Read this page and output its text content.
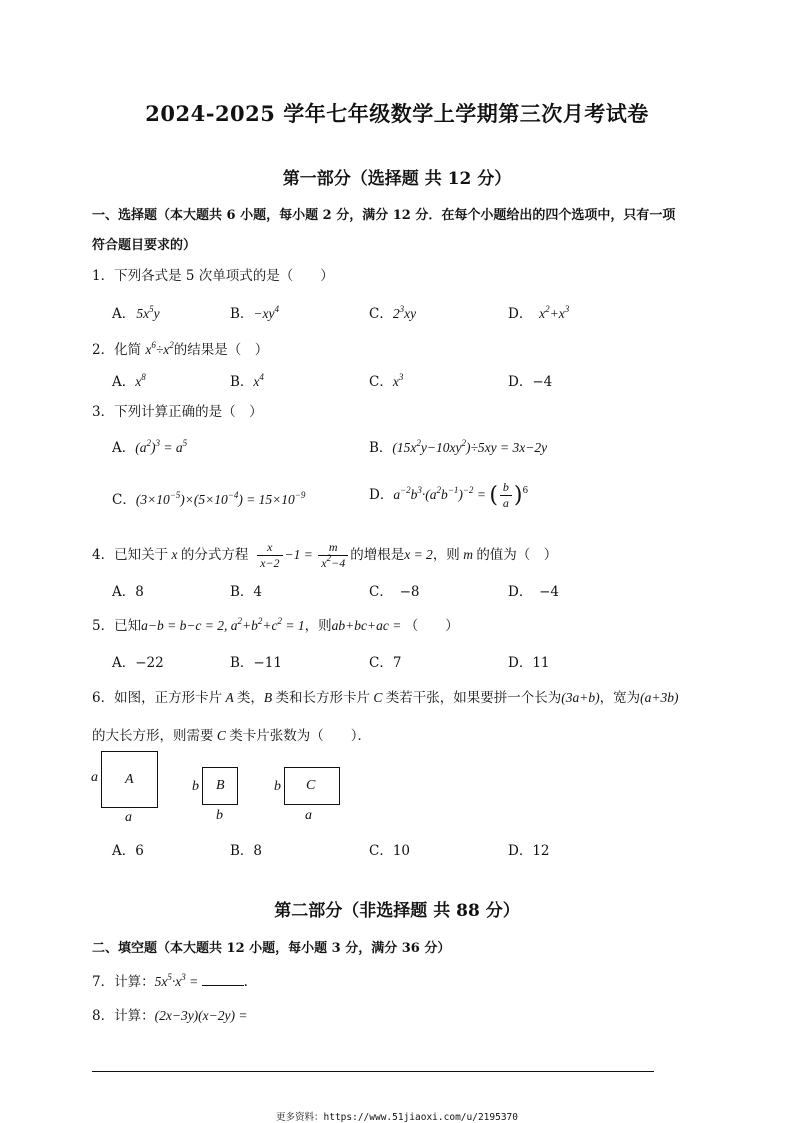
2024-2025 学年七年级数学上学期第三次月考试卷
第一部分（选择题 共 12 分）
一、选择题（本大题共 6 小题，每小题 2 分，满分 12 分．在每个小题给出的四个选项中，只有一项
符合题目要求的）
1．下列各式是 5 次单项式的是（　　）
A． $5x^5y$	B．$-xy^4$	C．$2^3xy$	D． $x^2+x^3$
2．化简 $x^6\div x^2$的结果是（　）
A．$x^8$	B．$x^4$	C．$x^3$	D．−4
3．下列计算正确的是（　）
A．$(a^2)^3 = a^5$	B．$(15x^2y-10xy^2)\div 5xy = 3x-2y$
C．$(3\times 10^{-5})\times(5\times 10^{-4}) = 15\times 10^{-9}$	D．$a^{-2}b^3\cdot(a^2b^{-1})^{-2}$ = ( $\frac{b}{a} )^6$
4．已知关于 x 的分式方程  $\frac{x}{x-2} -1 = \frac{m}{x^2-4}$ 的增根是x = 2，则 m 的值为（　）
A．8	B．4	C．　−8	D．　−4
5．已知a−b = b−c = 2, $a^2+b^2+c^2 = 1$，则ab+bc+ac = （　　）
A．−22	B．−11	C．7	D．11
6．如图，正方形卡片 A 类，B 类和长方形卡片 C 类若干张，如果要拼一个长为(3a+b)，宽为(a+3b)
的大长方形，则需要 C 类卡片张数为（　　）．
A
a
a
B
b
b
C
b
a
A．6	B．8	C．10	D．12
第二部分（非选择题 共 88 分）
二、填空题（本大题共 12 小题，每小题 3 分，满分 36 分）
7．计算：$5x^5\cdot x^3$ =	.
8．计算：(2x−3y)(x−2y) =
更多资料：https://www.51jiaoxi.com/u/2195370
